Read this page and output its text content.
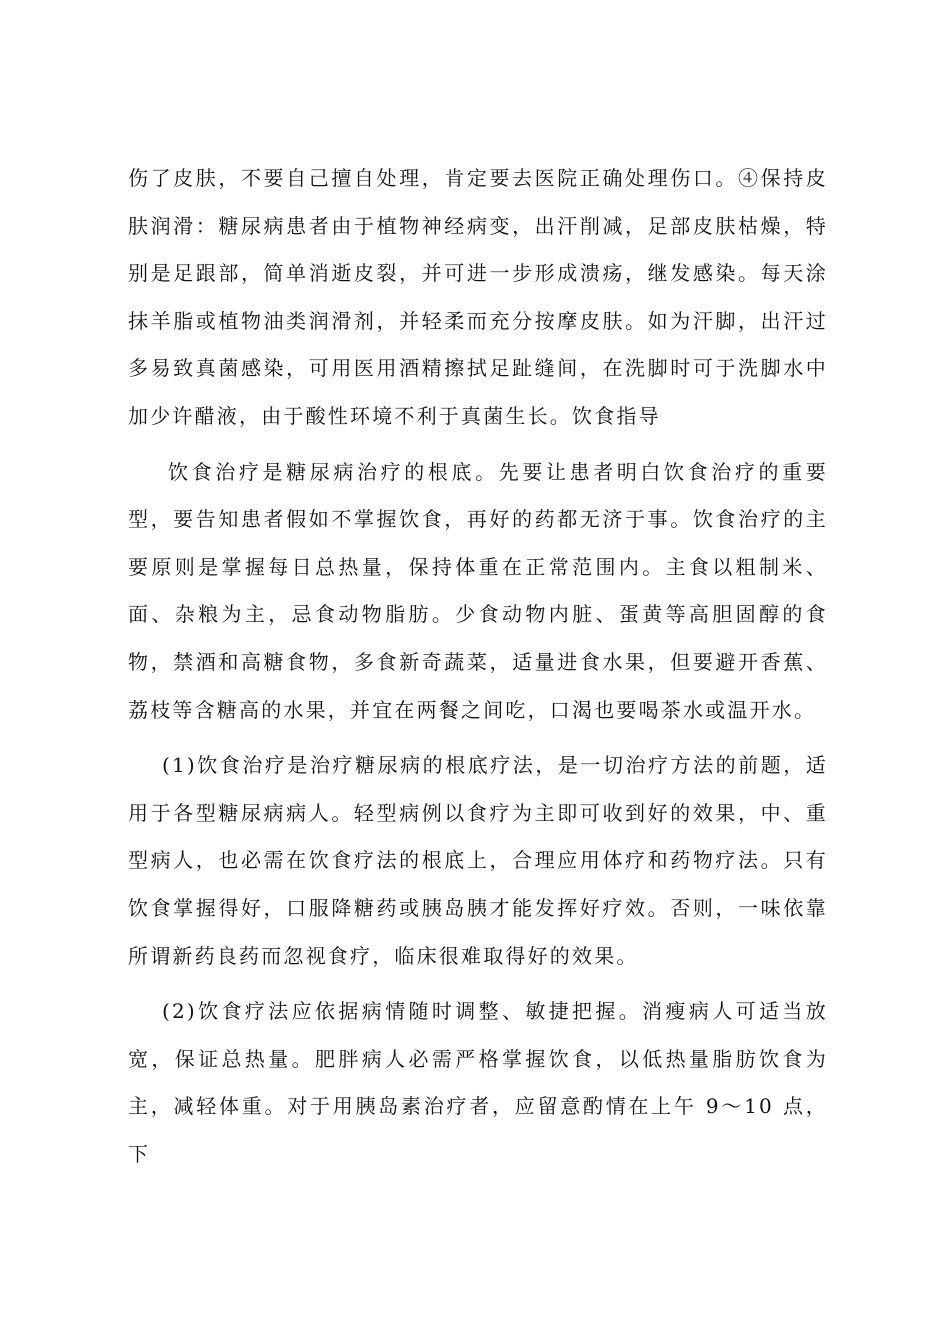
伤了皮肤，不要自己擅自处理，肯定要去医院正确处理伤口。④保持皮肤润滑：糖尿病患者由于植物神经病变，出汗削减，足部皮肤枯燥，特别是足跟部，简单消逝皮裂，并可进一步形成溃疡，继发感染。每天涂抹羊脂或植物油类润滑剂，并轻柔而充分按摩皮肤。如为汗脚，出汗过多易致真菌感染，可用医用酒精擦拭足趾缝间，在洗脚时可于洗脚水中加少许醋液，由于酸性环境不利于真菌生长。饮食指导

饮食治疗是糖尿病治疗的根底。先要让患者明白饮食治疗的重要型，要告知患者假如不掌握饮食，再好的药都无济于事。饮食治疗的主要原则是掌握每日总热量，保持体重在正常范围内。主食以粗制米、面、杂粮为主，忌食动物脂肪。少食动物内脏、蛋黄等高胆固醇的食物，禁酒和高糖食物，多食新奇蔬菜，适量进食水果，但要避开香蕉、荔枝等含糖高的水果，并宜在两餐之间吃，口渴也要喝茶水或温开水。

(1)饮食治疗是治疗糖尿病的根底疗法，是一切治疗方法的前题，适用于各型糖尿病病人。轻型病例以食疗为主即可收到好的效果，中、重型病人，也必需在饮食疗法的根底上，合理应用体疗和药物疗法。只有饮食掌握得好，口服降糖药或胰岛胰才能发挥好疗效。否则，一味依靠所谓新药良药而忽视食疗，临床很难取得好的效果。

(2)饮食疗法应依据病情随时调整、敏捷把握。消瘦病人可适当放宽，保证总热量。肥胖病人必需严格掌握饮食，以低热量脂肪饮食为主，减轻体重。对于用胰岛素治疗者，应留意酌情在上午 9～10 点，下
